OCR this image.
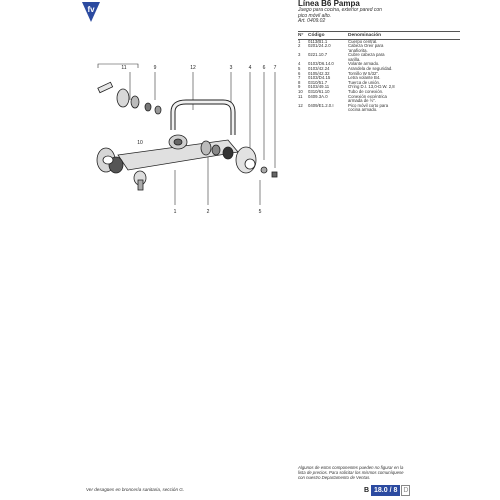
fv
Línea B6 Pampa
Juego para cocina, exterior pared con
pico móvil alto.
Art. 0409.02
N° Código	Denominación
1	0113/B1.1	Cuerpo central.
2	0201/24.2.0	Cabeza Oreir para
'anafiorita.
3	0221.10.7	Cubre cabeza para
varilla.
4	0103/D6.14.0	Volante armado.
5	0103/42.24	Arandela de seguridad.
6	0105/42.32	Tornillo W 5/32".
7	0103/D4.15	Letra volante B4.
8	0310/51.7	Tuerca de unión.
9	0103/49.11	O'ring D.I. 13,0-D.W. 2,8
10	0310/61.10	Tubo de conexión.
11	0409.3A.0	Conexión excéntrica
armada de ½".
12	0409/E1.2.0.I	Pico móvil corto para
cocina armado.
11	9	12	3	4 6 7
10
1	2	5
Algunos de estos componentes pueden no figurar en la
lista de precios. Para solicitar los mismos comuníquese
con nuestro Departamento de Ventas.
Ver desagües en broncería sanitaria, sección G.	B 18.0 / 8 D
